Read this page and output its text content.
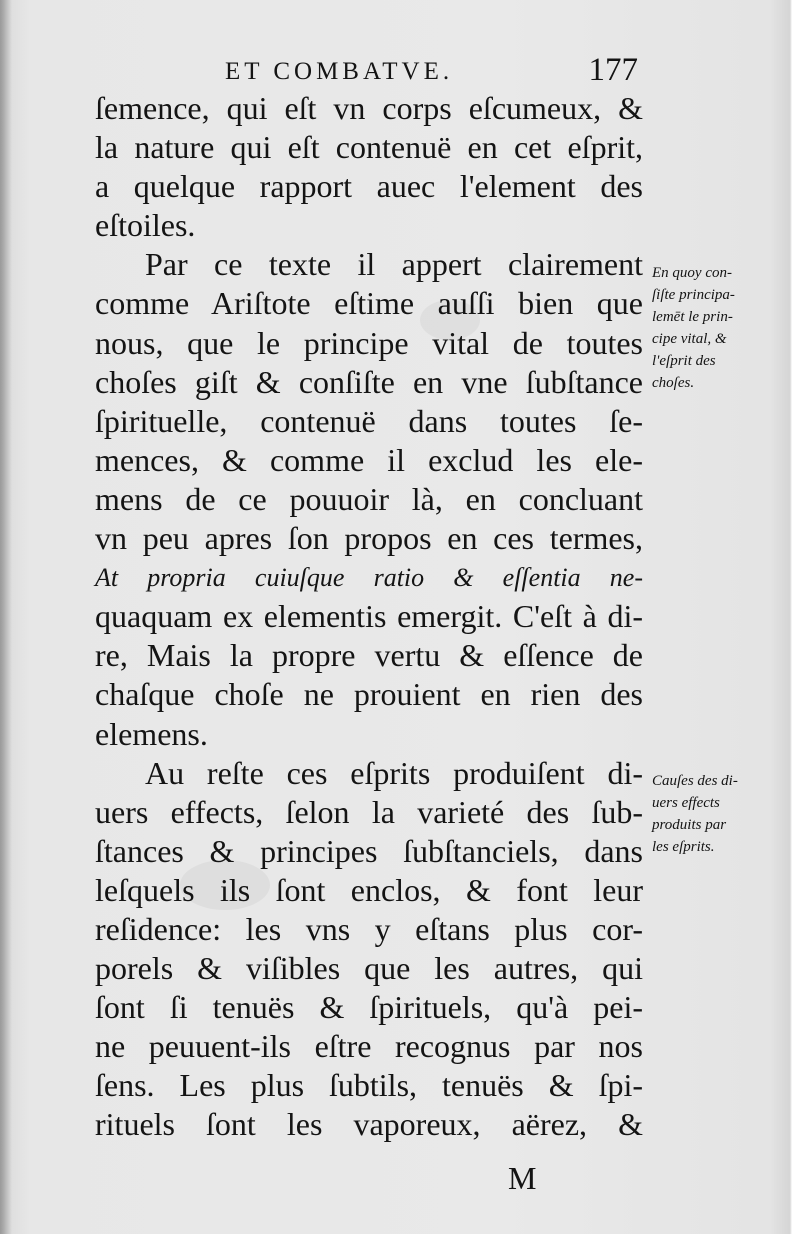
ET COMBATVE.	177
ſemence, qui eſt vn corps eſcumeux, &
la nature qui eſt contenuë en cet eſprit,
a quelque rapport auec l'element des
eſtoiles.
Par ce texte il appert clairement
comme Ariſtote eſtime auſſi bien que
nous, que le principe vital de toutes
choſes giſt & conſiſte en vne ſubſtance
ſpirituelle, contenuë dans toutes ſe-
mences, & comme il exclud les ele-
mens de ce pouuoir là, en concluant
vn peu apres ſon propos en ces termes,
At propria cuiuſque ratio & eſſentia ne-
quaquam ex elementis emergit. C'eſt à di-
re, Mais la propre vertu & eſſence de
chaſque choſe ne prouient en rien des
elemens.
Au reſte ces eſprits produiſent di-
uers effects, ſelon la varieté des ſub-
ſtances & principes ſubſtanciels, dans
leſquels ils ſont enclos, & font leur
reſidence: les vns y eſtans plus cor-
porels & viſibles que les autres, qui
ſont ſi tenuës & ſpirituels, qu'à pei-
ne peuuent-ils eſtre recognus par nos
ſens. Les plus ſubtils, tenuës & ſpi-
rituels ſont les vaporeux, aërez, &
En quoy con-
ſiſte principa-
lemēt le prin-
cipe vital, &
l'eſprit des
choſes.
Cauſes des di-
uers effects
produits par
les eſprits.
M
